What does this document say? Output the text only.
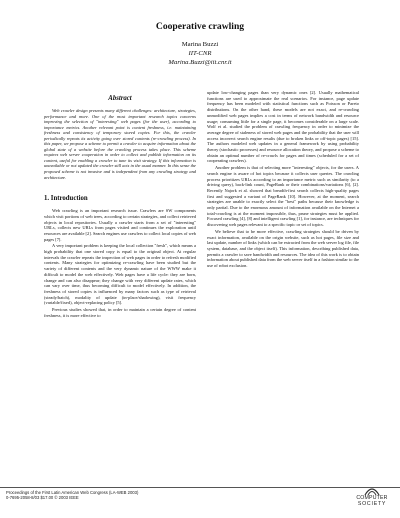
Cooperative crawling
Marina Buzzi
IIT-CNR
Marina.Buzzi@iit.cnr.it
Abstract

Web crawler design presents many different challenges: architecture, strategies, performance and more. One of the most important research topics concerns improving the selection of "interesting" web pages (for the user), according to importance metrics. Another relevant point is content freshness, i.e. maintaining freshness and consistency of temporary stored copies. For this, the crawler periodically repeats its activity going over stored contents (re-crawling process). In this paper, we propose a scheme to permit a crawler to acquire information about the global state of a website before the crawling process takes place. This scheme requires web server cooperation in order to collect and publish information on its content, useful for enabling a crawler to tune its visit strategy. If this information is unavailable or not updated the crawler still acts in the usual manner. In this sense the proposed scheme is not invasive and is independent from any crawling strategy and architecture.

1. Introduction

Web crawling is an important research issue. Crawlers are SW components which visit portions of web trees, according to certain strategies, and collect retrieved objects in local repositories. Usually a crawler starts from a set of "interesting" URLs, collects new URLs from pages visited and continues the exploration until resources are available [2]. Search engines use crawlers to collect local copies of web pages [7].

A very important problem is keeping the local collection "fresh", which means a high probability that one stored copy is equal to the original object. At regular intervals the crawler repeats the inspection of web pages in order to refresh modified contents. Many strategies for optimizing re-crawling have been studied but the variety of different contents and the very dynamic nature of the WWW make it difficult to model the web effectively. Web pages have a life cycle: they are born, change and can also disappear; they change with very different update rates, which can vary over time, thus becoming difficult to model effectively. In addition, the freshness of stored copies is influenced by many factors such as type of retrieval (steady/batch), modality of update (in-place/shadowing), visit frequency (variable/fixed), object-replacing policy [5].

Previous studies showed that, in order to maintain a certain degree of content freshness, it is more effective to

update low-changing pages than very dynamic ones [2]. Usually mathematical functions are used to approximate the real scenarios. For instance, page update frequency has been modeled with statistical functions such as Poisson or Pareto distributions. On the other hand, these models are not exact, and re-crawling unmodified web pages implies a cost in terms of network bandwidth and resource usage; consuming little for a single page, it becomes considerable on a large scale. Wolf et al. studied the problem of crawling frequency in order to minimize the average degree of staleness of stored web pages and the probability that the user will access incorrect search engine results (due to broken links or off-topic pages) [15]. The authors modeled web updates in a general framework by using probability theory (stochastic processes) and resource allocation theory, and propose a scheme to obtain an optimal number of re-crawls for pages and times (scheduled for a set of cooperating crawlers).

Another problem is that of selecting more "interesting" objects, for the users. A search engine is aware of hot topics because it collects user queries. The crawling process prioritizes URLs according to an importance metric such as similarity (to a driving query), back-link count, PageRank or their combinations/variations [6], [2]. Recently Najork et al. showed that breadth-first search collects high-quality pages first and suggested a variant of PageRank [10]. However, at the moment, search strategies are unable to exactly select the "best" paths because their knowledge is only partial. Due to the enormous amount of information available on the Internet a total-crawling is at the moment impossible, thus, prune strategies must be applied. Focused crawling [4], [8] and intelligent crawling [1], for instance, are techniques for discovering web pages relevant to a specific topic or set of topics.

We believe that to be more effective, crawling strategies should be driven by exact information, available on the origin website, such as hot pages, file size and last update, number of links (which can be extracted from the web server log file, file system, database, and the object itself). This information, describing published data, permits a crawler to save bandwidth and resources. The idea of this work is to obtain information about published data from the web server itself in a fashion similar to the use of robot exclusion.

Proceedings of the First Latin American Web Congress (LA-WEB 2003)
0-7695-2058-8/03 $17.00 © 2003 IEEE	COMPUTER
SOCIETY
